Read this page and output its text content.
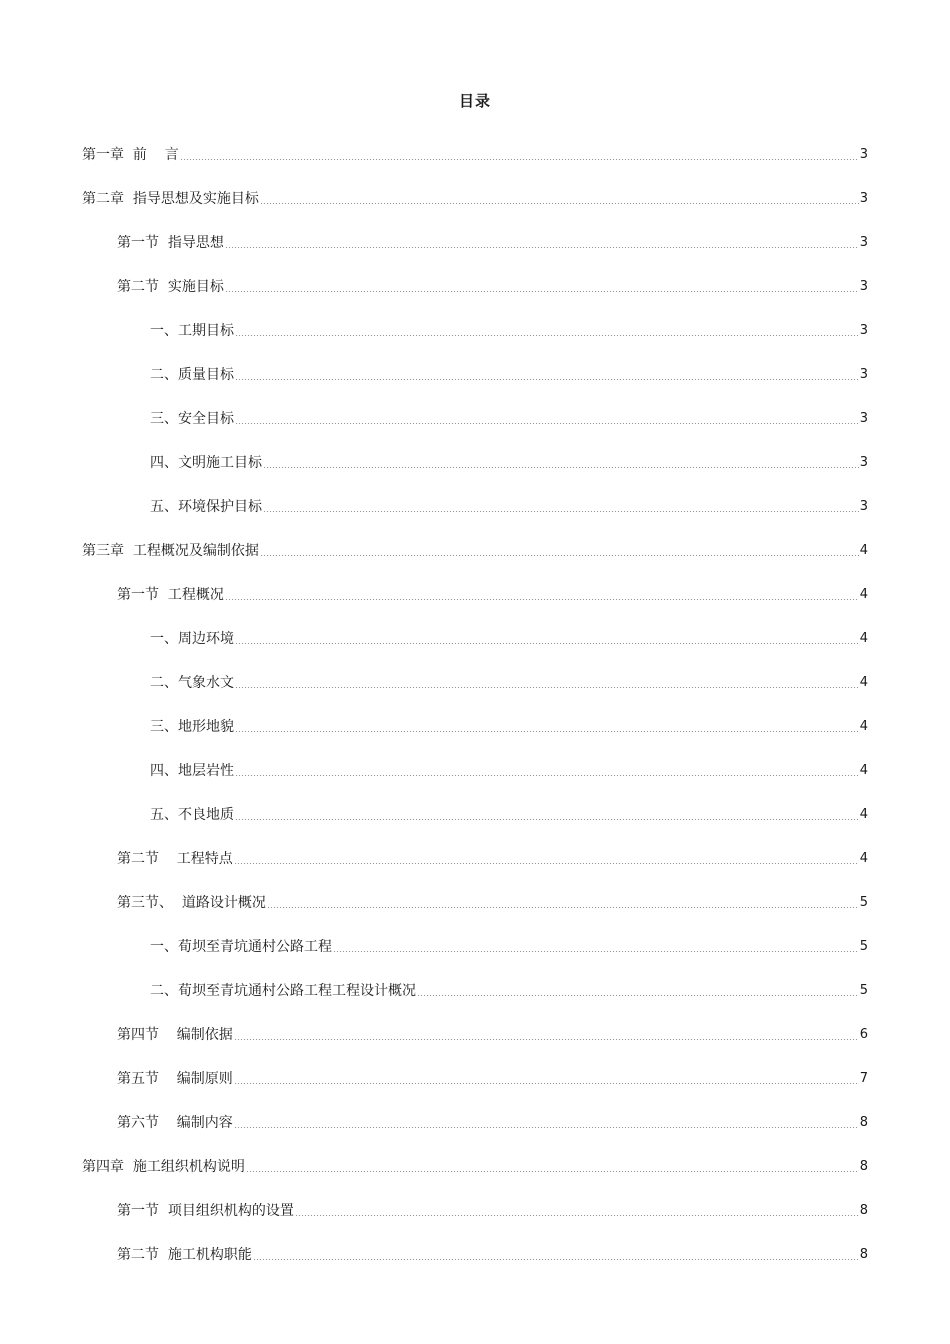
目录
第一章  前    言	3
第二章  指导思想及实施目标	3
第一节  指导思想	3
第二节  实施目标	3
一、工期目标	3
二、质量目标	3
三、安全目标	3
四、文明施工目标	3
五、环境保护目标	3
第三章  工程概况及编制依据	4
第一节  工程概况	4
一、周边环境	4
二、气象水文	4
三、地形地貌	4
四、地层岩性	4
五、不良地质	4
第二节    工程特点	4
第三节、  道路设计概况	5
一、荀坝至青坑通村公路工程	5
二、荀坝至青坑通村公路工程工程设计概况	5
第四节    编制依据	6
第五节    编制原则	7
第六节    编制内容	8
第四章  施工组织机构说明	8
第一节  项目组织机构的设置	8
第二节  施工机构职能	8
